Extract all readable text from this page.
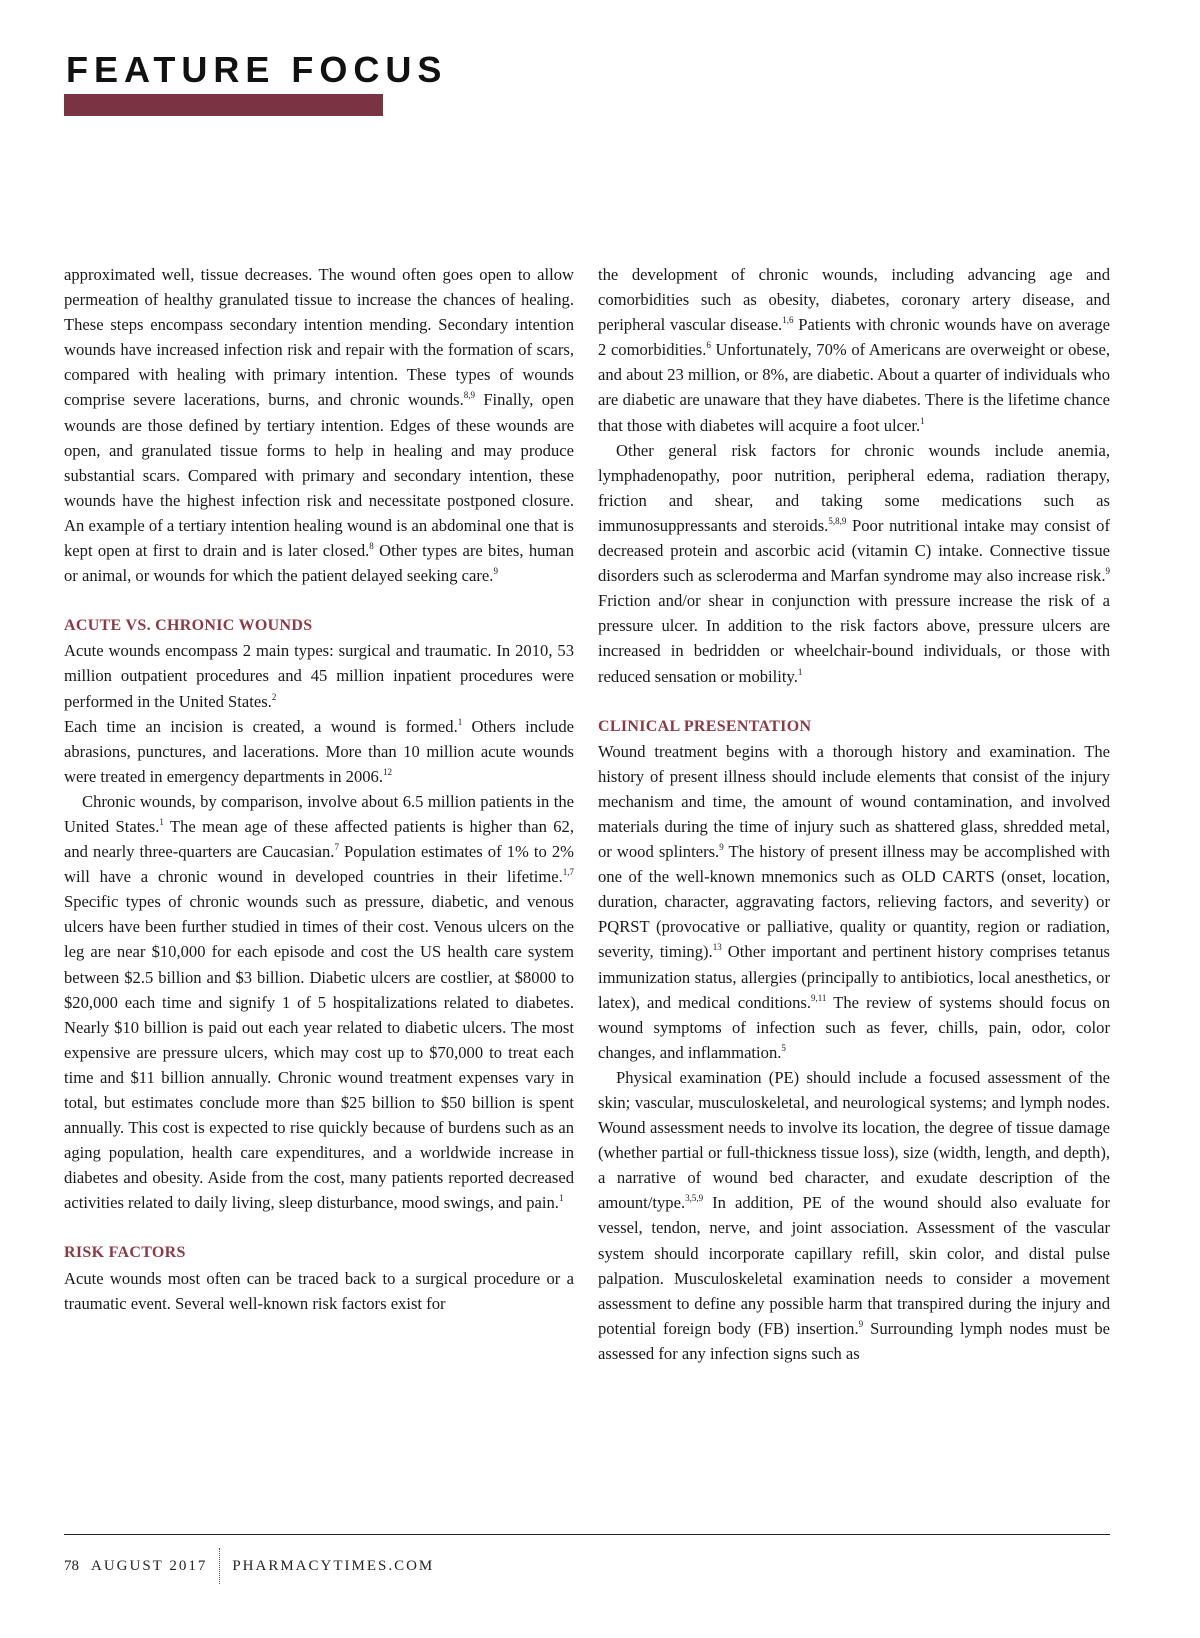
FEATURE FOCUS

approximated well, tissue decreases. The wound often goes open to allow permeation of healthy granulated tissue to increase the chances of healing. These steps encompass secondary intention mending. Secondary intention wounds have increased infection risk and repair with the formation of scars, compared with healing with primary intention. These types of wounds comprise severe lacerations, burns, and chronic wounds.$^{8,9}$ Finally, open wounds are those defined by tertiary intention. Edges of these wounds are open, and granulated tissue forms to help in healing and may produce substantial scars. Compared with primary and secondary intention, these wounds have the highest infection risk and necessitate postponed closure. An example of a tertiary intention healing wound is an abdominal one that is kept open at first to drain and is later closed.$^8$ Other types are bites, human or animal, or wounds for which the patient delayed seeking care.$^9$

ACUTE VS. CHRONIC WOUNDS

Acute wounds encompass 2 main types: surgical and traumatic. In 2010, 53 million outpatient procedures and 45 million inpatient procedures were performed in the United States.$^2$

Each time an incision is created, a wound is formed.$^1$ Others include abrasions, punctures, and lacerations. More than 10 million acute wounds were treated in emergency departments in 2006.12

Chronic wounds, by comparison, involve about 6.5 million patients in the United States.$^1$ The mean age of these affected patients is higher than 62, and nearly three-quarters are Caucasian.$^7$ Population estimates of 1% to 2% will have a chronic wound in developed countries in their lifetime.$^{1,7}$ Specific types of chronic wounds such as pressure, diabetic, and venous ulcers have been further studied in times of their cost. Venous ulcers on the leg are near $10,000 for each episode and cost the US health care system between $2.5 billion and $3 billion. Diabetic ulcers are costlier, at $8000 to $20,000 each time and signify 1 of 5 hospitalizations related to diabetes. Nearly $10 billion is paid out each year related to diabetic ulcers. The most expensive are pressure ulcers, which may cost up to $70,000 to treat each time and $11 billion annually. Chronic wound treatment expenses vary in total, but estimates conclude more than $25 billion to $50 billion is spent annually. This cost is expected to rise quickly because of burdens such as an aging population, health care expenditures, and a worldwide increase in diabetes and obesity. Aside from the cost, many patients reported decreased activities related to daily living, sleep disturbance, mood swings, and pain.$^1$

RISK FACTORS

Acute wounds most often can be traced back to a surgical procedure or a traumatic event. Several well-known risk factors exist for

the development of chronic wounds, including advancing age and comorbidities such as obesity, diabetes, coronary artery disease, and peripheral vascular disease.$^{1,6}$ Patients with chronic wounds have on average 2 comorbidities.$^6$ Unfortunately, 70% of Americans are overweight or obese, and about 23 million, or 8%, are diabetic. About a quarter of individuals who are diabetic are unaware that they have diabetes. There is the lifetime chance that those with diabetes will acquire a foot ulcer.$^1$

Other general risk factors for chronic wounds include anemia, lymphadenopathy, poor nutrition, peripheral edema, radiation therapy, friction and shear, and taking some medications such as immunosuppressants and steroids.$^{5,8,9}$ Poor nutritional intake may consist of decreased protein and ascorbic acid (vitamin C) intake. Connective tissue disorders such as scleroderma and Marfan syndrome may also increase risk.$^9$ Friction and/or shear in conjunction with pressure increase the risk of a pressure ulcer. In addition to the risk factors above, pressure ulcers are increased in bedridden or wheelchair-bound individuals, or those with reduced sensation or mobility.$^1$

CLINICAL PRESENTATION

Wound treatment begins with a thorough history and examination. The history of present illness should include elements that consist of the injury mechanism and time, the amount of wound contamination, and involved materials during the time of injury such as shattered glass, shredded metal, or wood splinters.$^9$ The history of present illness may be accomplished with one of the well-known mnemonics such as OLD CARTS (onset, location, duration, character, aggravating factors, relieving factors, and severity) or PQRST (provocative or palliative, quality or quantity, region or radiation, severity, timing).$^{13}$ Other important and pertinent history comprises tetanus immunization status, allergies (principally to antibiotics, local anesthetics, or latex), and medical conditions.$^{9,11}$ The review of systems should focus on wound symptoms of infection such as fever, chills, pain, odor, color changes, and inflammation.$^5$

Physical examination (PE) should include a focused assessment of the skin; vascular, musculoskeletal, and neurological systems; and lymph nodes. Wound assessment needs to involve its location, the degree of tissue damage (whether partial or full-thickness tissue loss), size (width, length, and depth), a narrative of wound bed character, and exudate description of the amount/type.$^{3,5,9}$ In addition, PE of the wound should also evaluate for vessel, tendon, nerve, and joint association. Assessment of the vascular system should incorporate capillary refill, skin color, and distal pulse palpation. Musculoskeletal examination needs to consider a movement assessment to define any possible harm that transpired during the injury and potential foreign body (FB) insertion.$^9$ Surrounding lymph nodes must be assessed for any infection signs such as

78 AUGUST 2017 PHARMACYTIMES.COM
